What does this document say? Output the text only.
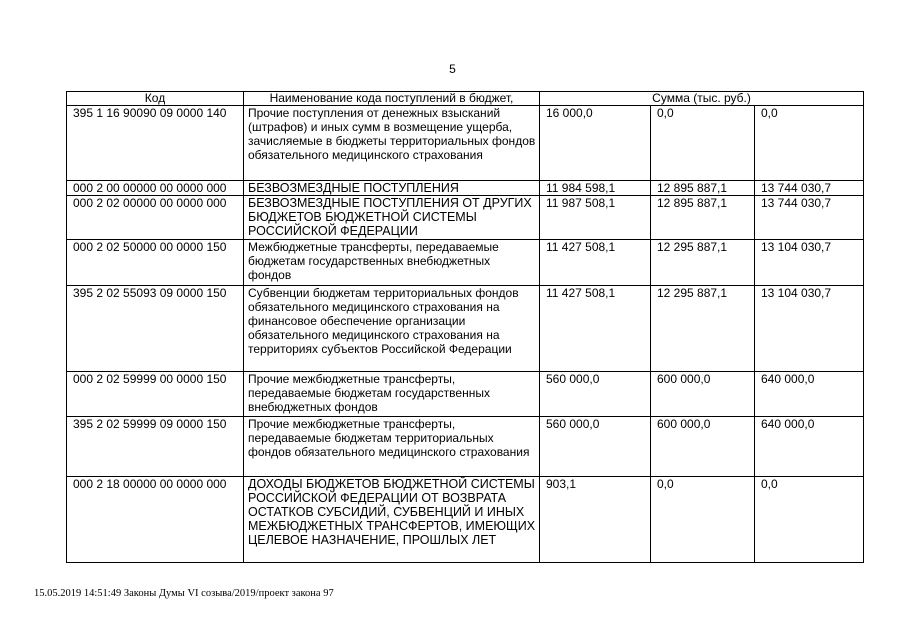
5
Код	Наименование кода поступлений в бюджет,	Сумма (тыс. руб.)		
395 1 16 90090 09 0000 140	Прочие поступления от денежных взысканий (штрафов) и иных сумм в возмещение ущерба, зачисляемые в бюджеты территориальных фондов обязательного медицинского страхования	16 000,0	0,0	0,0
000 2 00 00000 00 0000 000	БЕЗВОЗМЕЗДНЫЕ ПОСТУПЛЕНИЯ	11 984 598,1	12 895 887,1	13 744 030,7
000 2 02 00000 00 0000 000	БЕЗВОЗМЕЗДНЫЕ ПОСТУПЛЕНИЯ ОТ ДРУГИХ БЮДЖЕТОВ БЮДЖЕТНОЙ СИСТЕМЫ РОССИЙСКОЙ ФЕДЕРАЦИИ	11 987 508,1	12 895 887,1	13 744 030,7
000 2 02 50000 00 0000 150	Межбюджетные трансферты, передаваемые бюджетам государственных внебюджетных фондов	11 427 508,1	12 295 887,1	13 104 030,7
395 2 02 55093 09 0000 150	Субвенции бюджетам территориальных фондов обязательного медицинского страхования на финансовое обеспечение организации обязательного медицинского страхования на территориях субъектов Российской Федерации	11 427 508,1	12 295 887,1	13 104 030,7
000 2 02 59999 00 0000 150	Прочие межбюджетные трансферты, передаваемые бюджетам государственных внебюджетных фондов	560 000,0	600 000,0	640 000,0
395 2 02 59999 09 0000 150	Прочие межбюджетные трансферты, передаваемые бюджетам территориальных фондов обязательного медицинского страхования	560 000,0	600 000,0	640 000,0
000 2 18 00000 00 0000 000	ДОХОДЫ БЮДЖЕТОВ БЮДЖЕТНОЙ СИСТЕМЫ РОССИЙСКОЙ ФЕДЕРАЦИИ ОТ ВОЗВРАТА ОСТАТКОВ СУБСИДИЙ, СУБВЕНЦИЙ И ИНЫХ МЕЖБЮДЖЕТНЫХ ТРАНСФЕРТОВ, ИМЕЮЩИХ ЦЕЛЕВОЕ НАЗНАЧЕНИЕ, ПРОШЛЫХ ЛЕТ	903,1	0,0	0,0
15.05.2019 14:51:49 Законы Думы VI созыва/2019/проект закона 97
